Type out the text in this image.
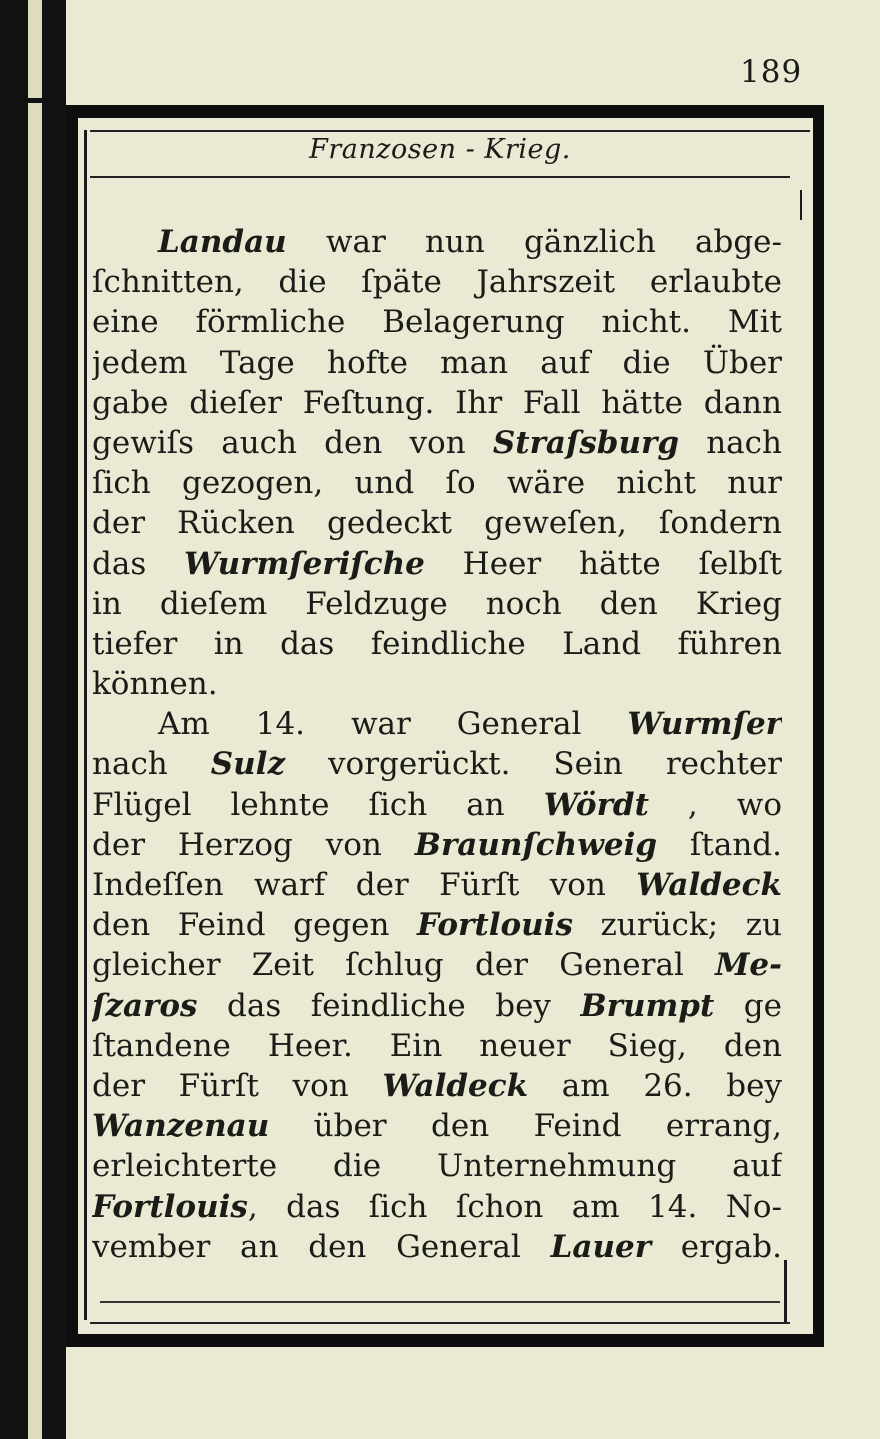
189
Franzosen - Krieg.
Landau war nun gänzlich abge-
ſchnitten, die ſpäte Jahrszeit erlaubte
eine förmliche Belagerung nicht. Mit
jedem Tage hofte man auf die Über
gabe dieſer Feſtung. Ihr Fall hätte dann
gewiſs auch den von Straſsburg nach
ſich gezogen, und ſo wäre nicht nur
der Rücken gedeckt geweſen, ſondern
das Wurmſeriſche Heer hätte ſelbſt
in dieſem Feldzuge noch den Krieg
tiefer in das feindliche Land führen
können.
Am 14. war General Wurmſer
nach Sulz vorgerückt. Sein rechter
Flügel lehnte ſich an Wördt , wo
der Herzog von Braunſchweig ſtand.
Indeſſen warf der Fürſt von Waldeck
den Feind gegen Fortlouis zurück; zu
gleicher Zeit ſchlug der General Me-
ſzaros das feindliche bey Brumpt ge
ſtandene Heer. Ein neuer Sieg, den
der Fürſt von Waldeck am 26. bey
Wanzenau über den Feind errang,
erleichterte die Unternehmung auf
Fortlouis, das ſich ſchon am 14. No-
vember an den General Lauer ergab.
